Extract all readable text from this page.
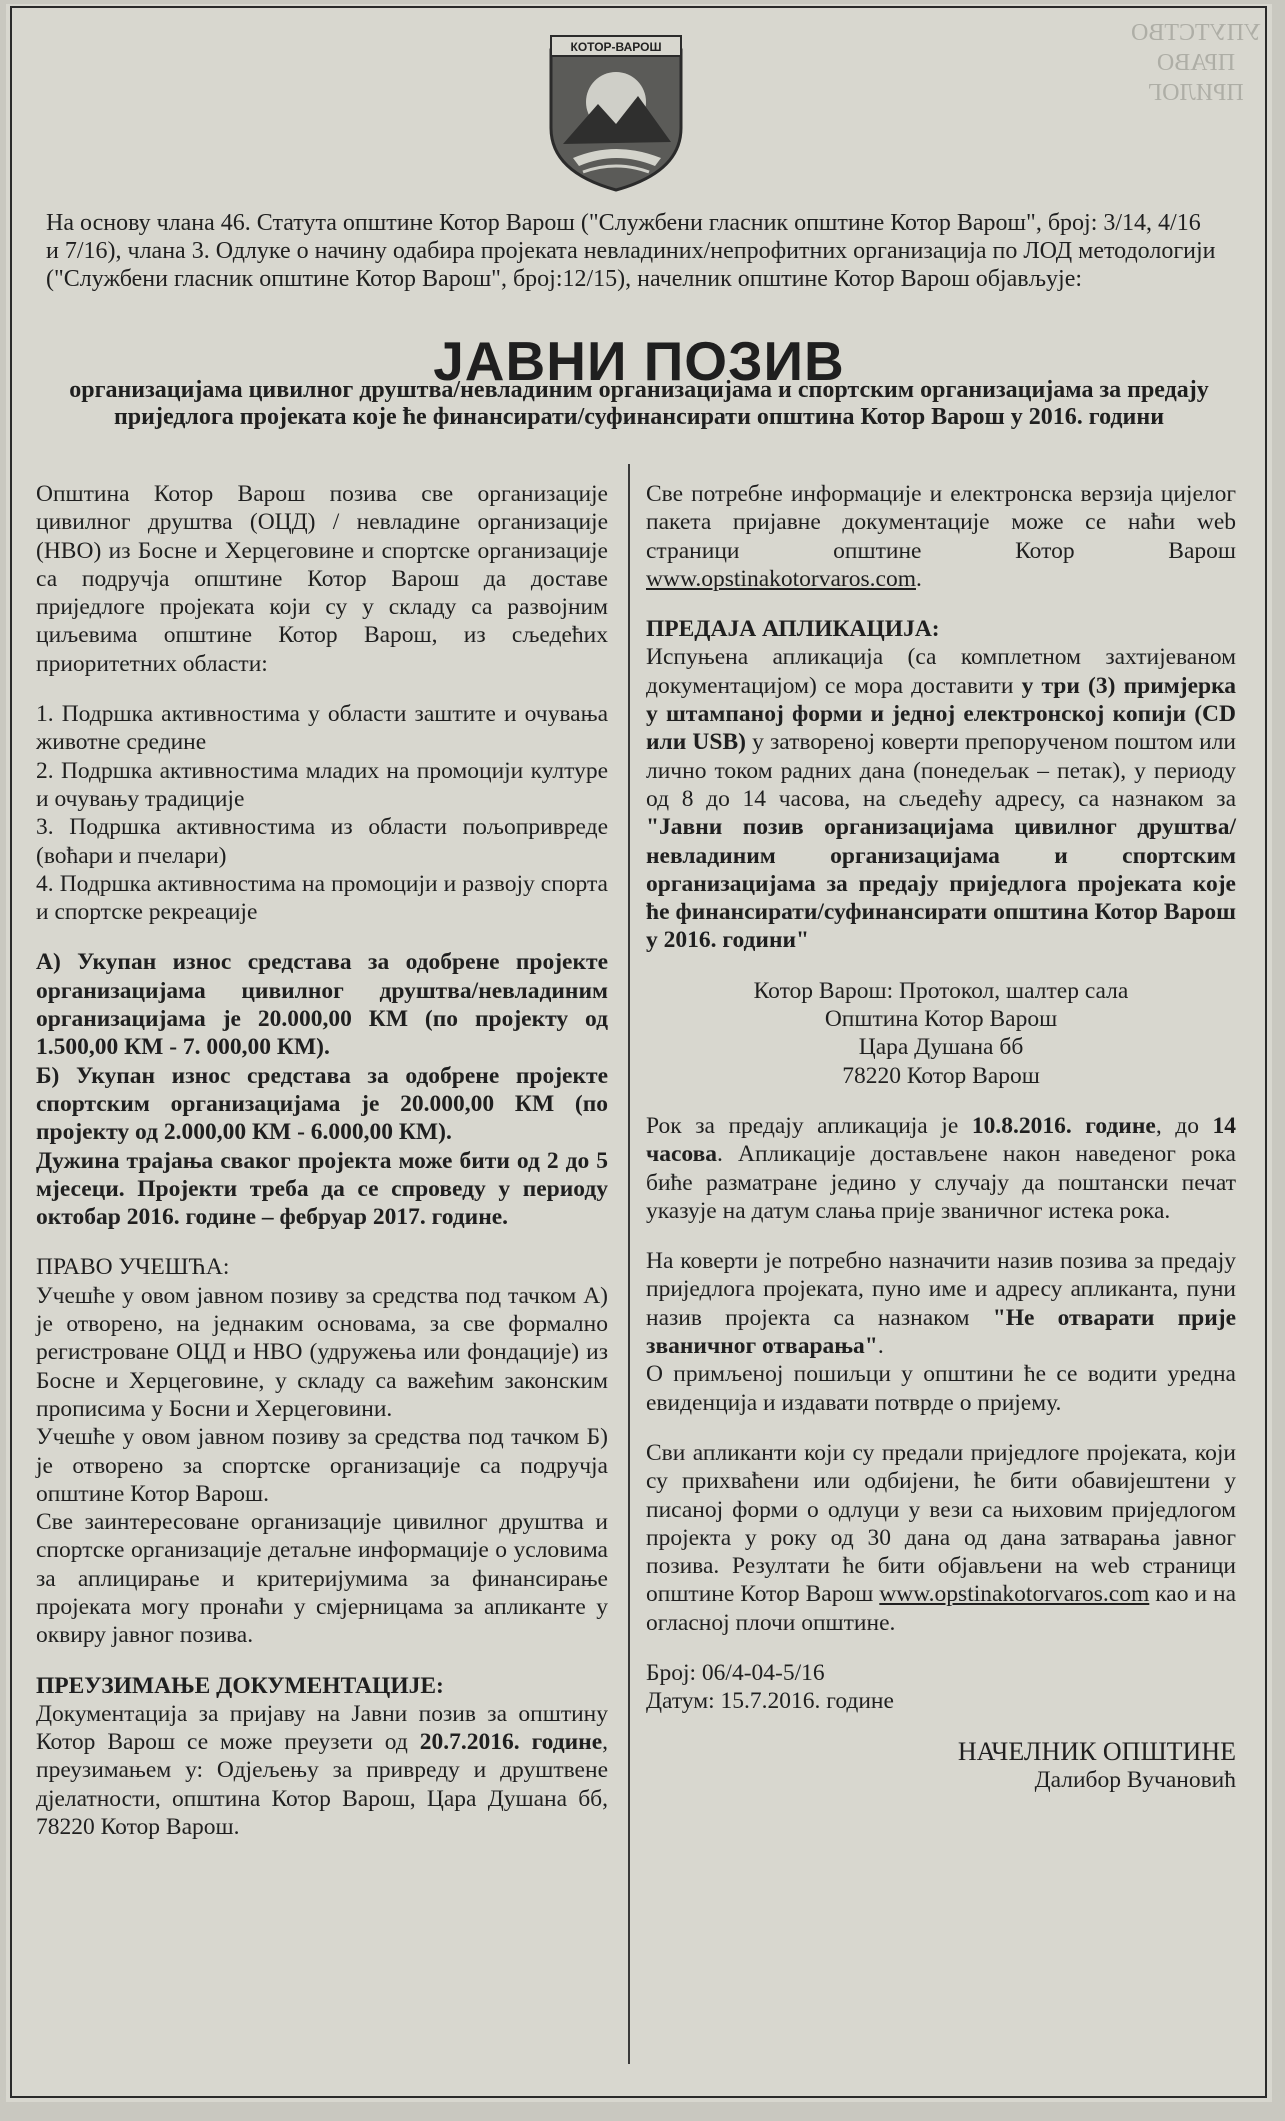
УПУТСТВО
ПРАВО
ПРИЛОГ
КОТОР-ВАРОШ
На основу члана 46. Статута општине Котор Варош ("Службени гласник општине Котор Варош", број: 3/14, 4/16 и 7/16), члана 3. Одлуке о начину одабира пројеката невладиних/непрофитних организација по ЛОД методологији ("Службени гласник општине Котор Варош", број:12/15), начелник општине Котор Варош објављује:
ЈАВНИ ПОЗИВ
организацијама цивилног друштва/невладиним организацијама и спортским организацијама за предају приједлога пројеката које ће финансирати/суфинансирати општина Котор Варош у 2016. години

Општина Котор Варош позива све организације цивилног друштва (ОЦД) / невладине организације (НВО) из Босне и Херцеговине и спортске организације са подручја општине Котор Варош да доставе приједлоге пројеката који су у складу са развојним циљевима општине Котор Варош, из сљедећих приоритетних области:

1. Подршка активностима у области заштите и очувања животне средине
2. Подршка активностима младих на промоцији културе и очувању традиције
3. Подршка активностима из области пољопривреде (воћари и пчелари)
4. Подршка активностима на промоцији и развоју спорта и спортске рекреације

А) Укупан износ средстава за одобрене пројекте организацијама цивилног друштва/невладиним организацијама је 20.000,00 КМ (по пројекту од 1.500,00 КМ - 7. 000,00 КМ).

Б) Укупан износ средстава за одобрене пројекте спортским организацијама је 20.000,00 КМ (по пројекту од 2.000,00 КМ - 6.000,00 КМ).

Дужина трајања сваког пројекта може бити од 2 до 5 мјесеци. Пројекти треба да се спроведу у периоду октобар 2016. године – фебруар 2017. године.

ПРАВО УЧЕШЋА:

Учешће у овом јавном позиву за средства под тачком А) је отворено, на једнаким основама, за све формално регистроване ОЦД и НВО (удружења или фондације) из Босне и Херцеговине, у складу са важећим законским прописима у Босни и Херцеговини.

Учешће у овом јавном позиву за средства под тачком Б) је отворено за спортске организације са подручја општине Котор Варош.

Све заинтересоване организације цивилног друштва и спортске организације детаљне информације о условима за аплицирање и критеријумима за финансирање пројеката могу пронаћи у смјерницама за апликанте у оквиру јавног позива.

ПРЕУЗИМАЊЕ ДОКУМЕНТАЦИЈЕ:

Документација за пријаву на Јавни позив за општину Котор Варош се може преузети од 20.7.2016. године, преузимањем у: Одјељењу за привреду и друштвене дјелатности, општина Котор Варош, Цара Душана бб, 78220 Котор Варош.

Све потребне информације и електронска верзија цијелог пакета пријавне документације може се наћи web страници општине Котор Варош www.opstinakotorvaros.com.

ПРЕДАЈА АПЛИКАЦИЈА:

Испуњена апликација (са комплетном захтијеваном документацијом) се мора доставити у три (3) примјерка у штампаној форми и једној електронској копији (CD или USB) у затвореној коверти препорученом поштом или лично током радних дана (понедељак – петак), у периоду од 8 до 14 часова, на сљедећу адресу, са назнаком за "Јавни позив организацијама цивилног друштва/невладиним организацијама и спортским организацијама за предају приједлога пројеката које ће финансирати/суфинансирати општина Котор Варош у 2016. години"

Котор Варош: Протокол, шалтер сала
Општина Котор Варош
Цара Душана бб
78220 Котор Варош

Рок за предају апликација је 10.8.2016. године, до 14 часова. Апликације достављене након наведеног рока биће разматране једино у случају да поштански печат указује на датум слања прије званичног истека рока.

На коверти је потребно назначити назив позива за предају приједлога пројеката, пуно име и адресу апликанта, пуни назив пројекта са назнаком "Не отварати прије званичног отварања".

О примљеној пошиљци у општини ће се водити уредна евиденција и издавати потврде о пријему.

Сви апликанти који су предали приједлоге пројеката, који су прихваћени или одбијени, ће бити обавијештени у писаној форми о одлуци у вези са њиховим приједлогом пројекта у року од 30 дана од дана затварања јавног позива. Резултати ће бити објављени на web страници општине Котор Варош www.opstinakotorvaros.com као и на огласној плочи општине.

Број: 06/4-04-5/16

Датум: 15.7.2016. године

НАЧЕЛНИК ОПШТИНЕ

Далибор Вучановић
